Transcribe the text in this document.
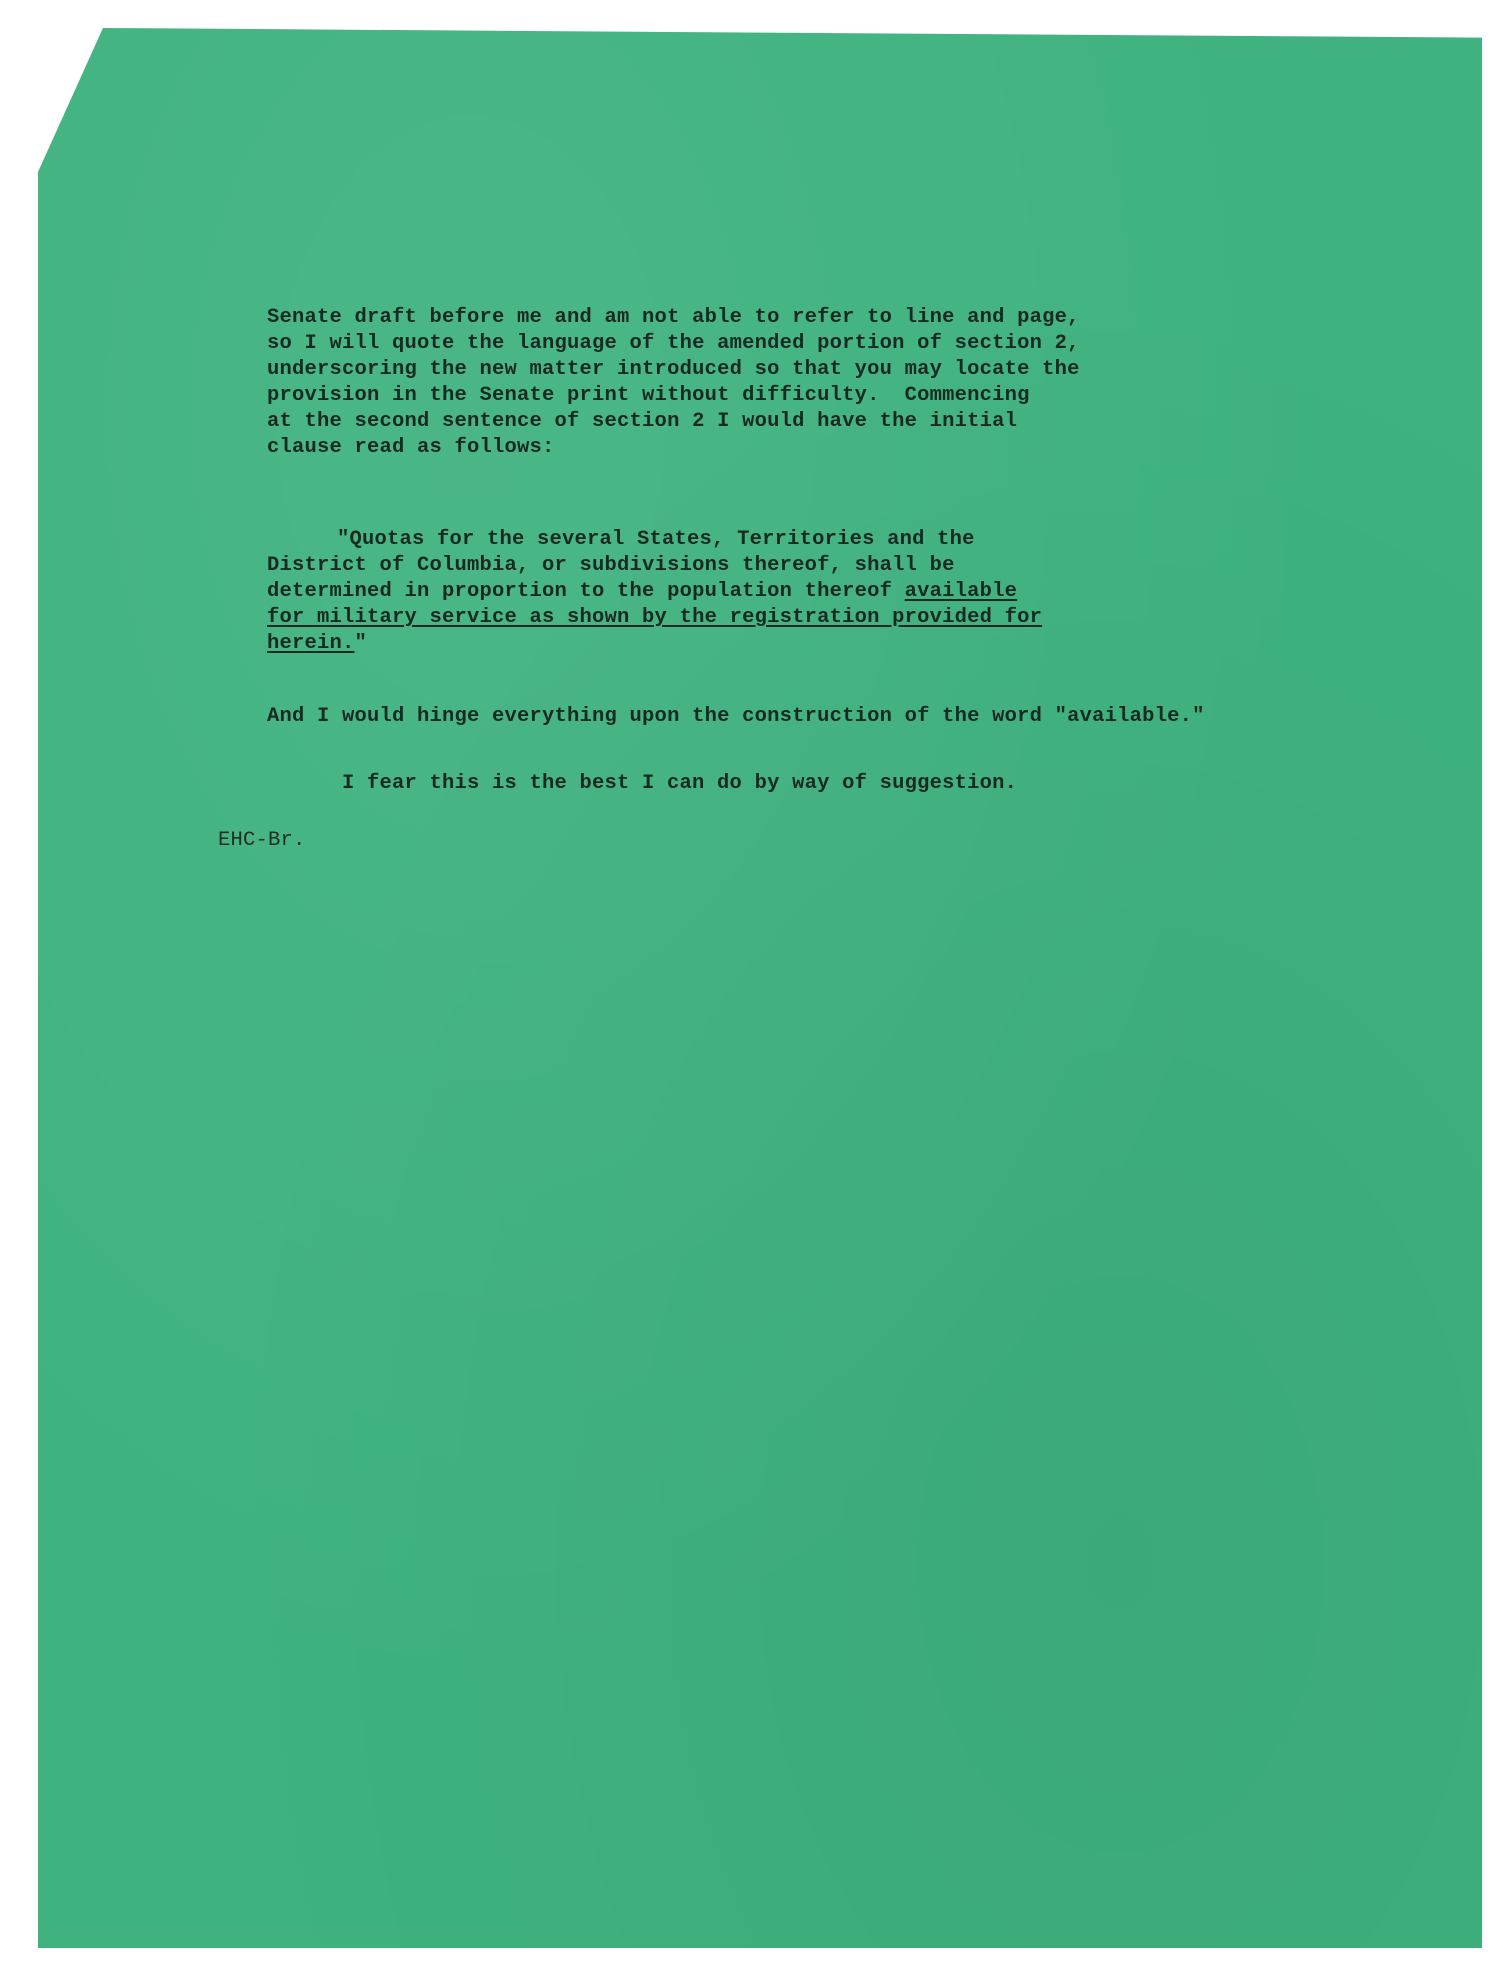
Senate draft before me and am not able to refer to line and page,
so I will quote the language of the amended portion of section 2,
underscoring the new matter introduced so that you may locate the
provision in the Senate print without difficulty.  Commencing
at the second sentence of section 2 I would have the initial
clause read as follows:
"Quotas for the several States, Territories and the
District of Columbia, or subdivisions thereof, shall be
determined in proportion to the population thereof available
for military service as shown by the registration provided for
herein."
And I would hinge everything upon the construction of the word "available."
I fear this is the best I can do by way of suggestion.
EHC-Br.
